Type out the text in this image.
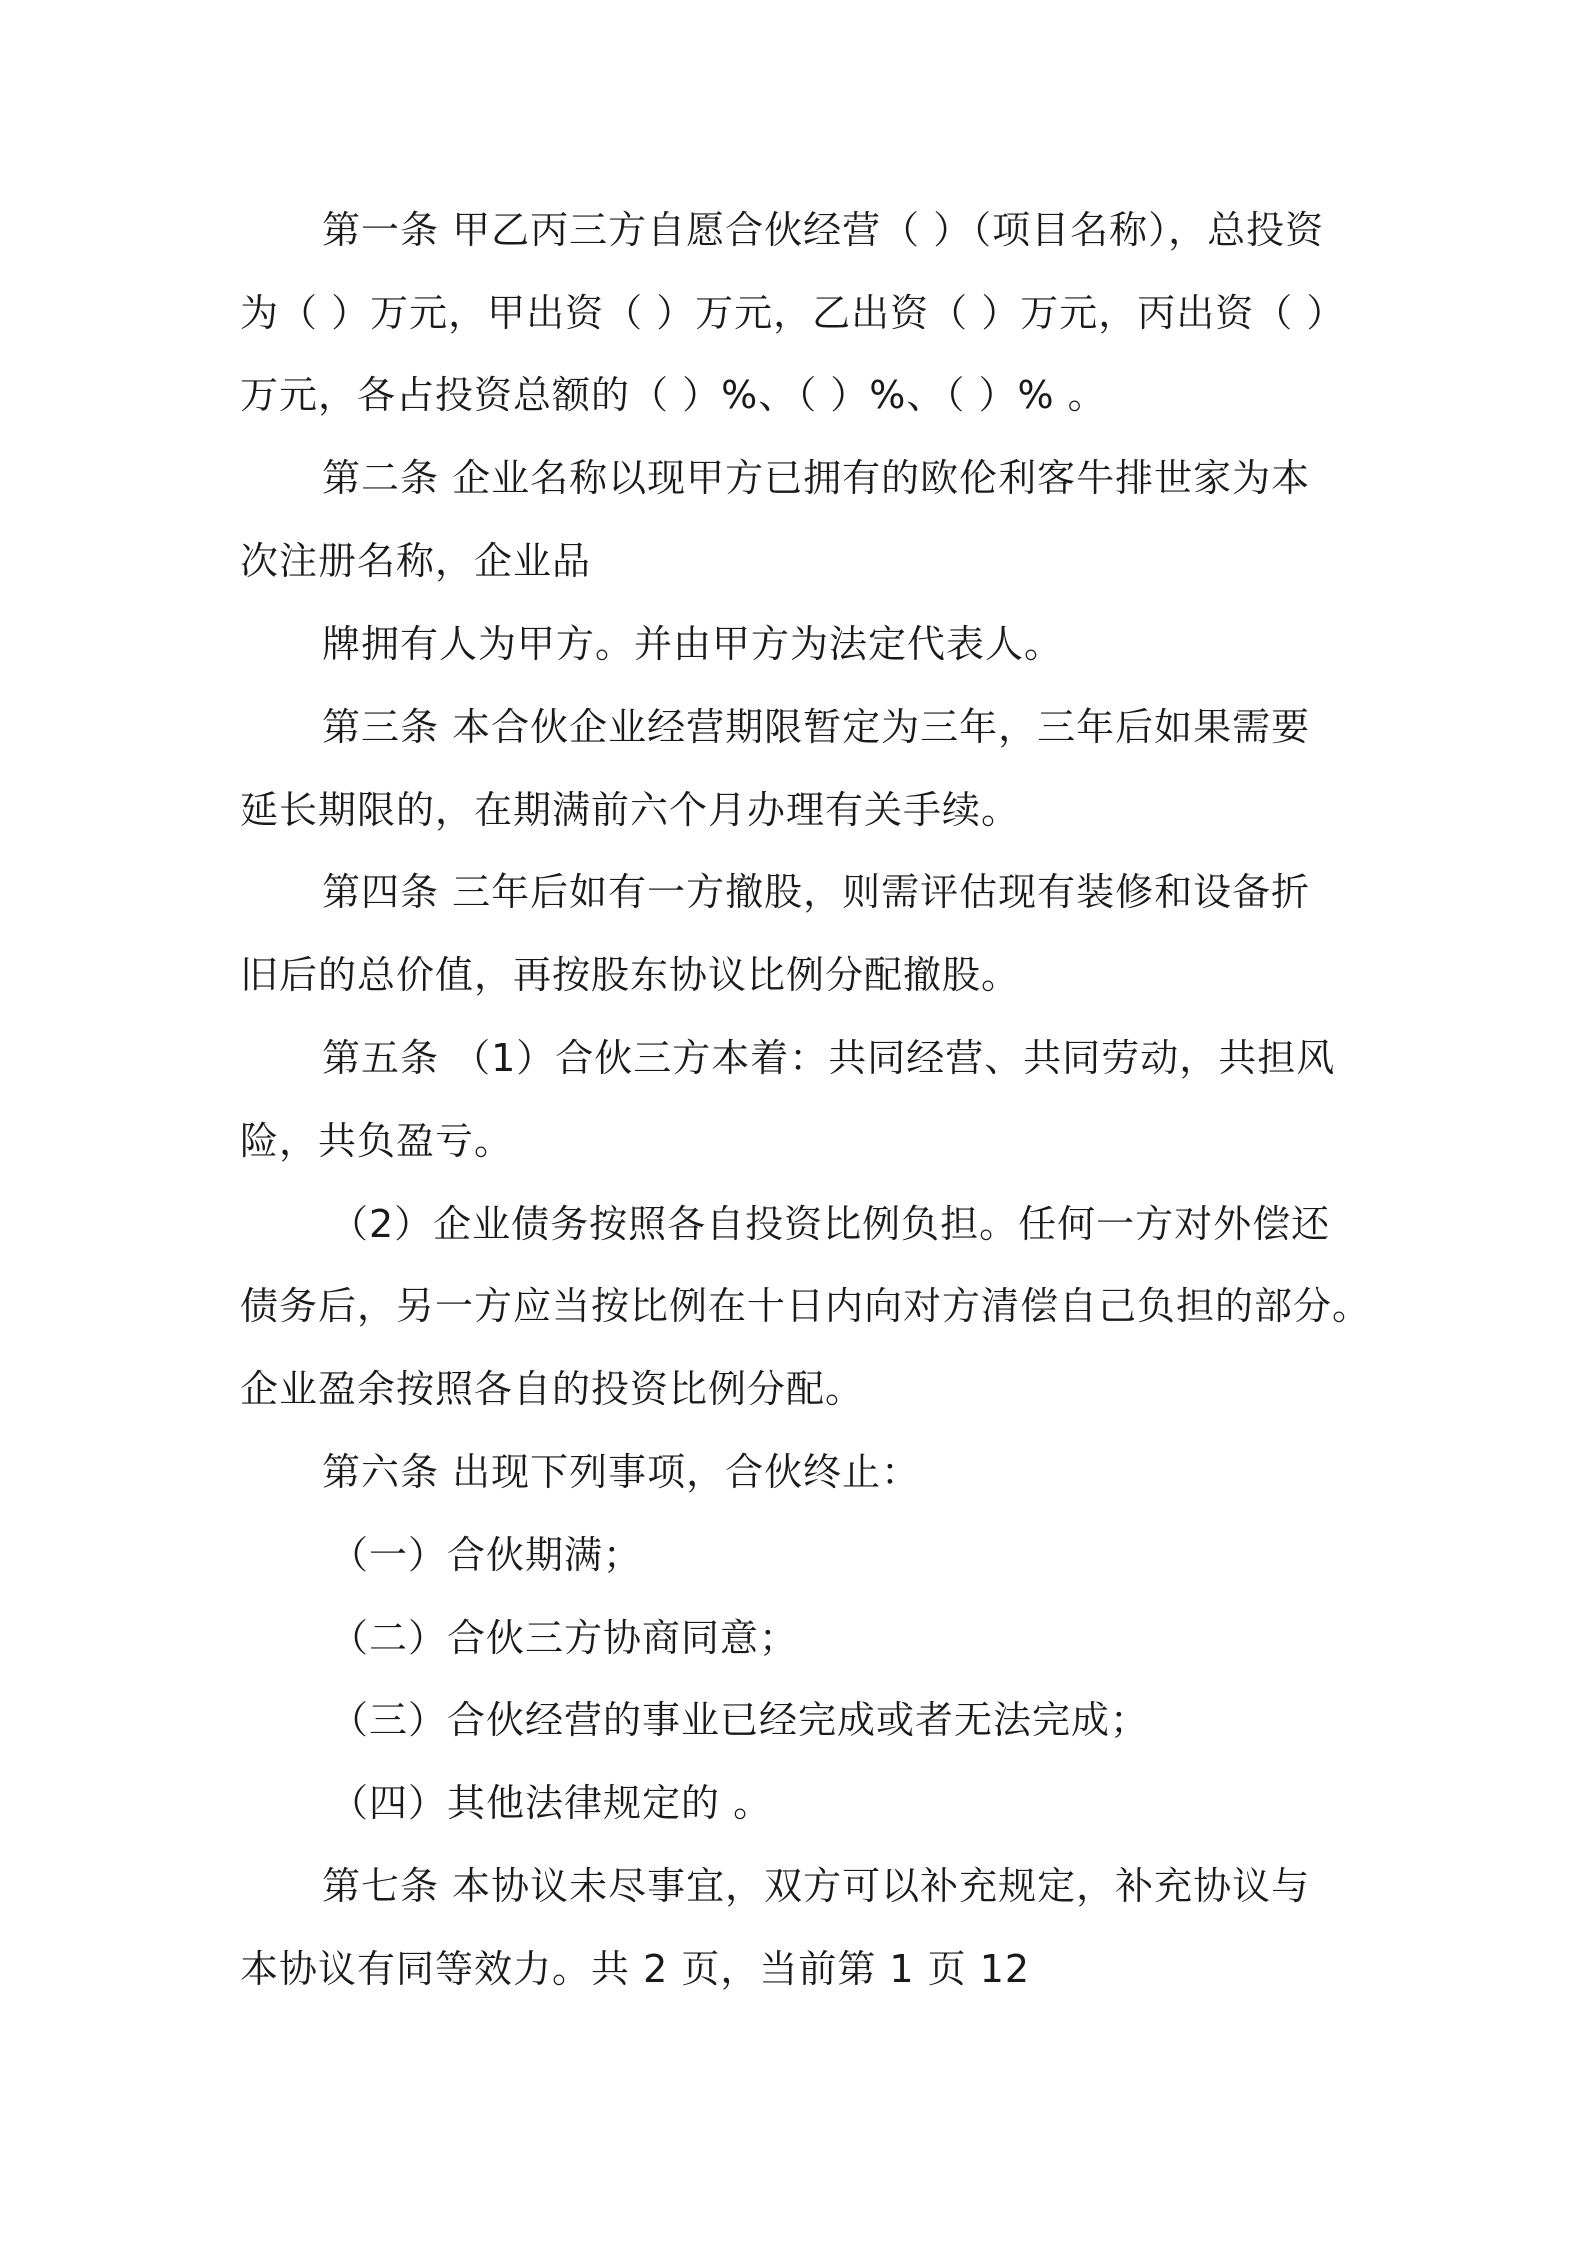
第一条 甲乙丙三方自愿合伙经营（ ）（项目名称），总投资
为（ ）万元，甲出资（ ）万元，乙出资（ ）万元，丙出资（ ）
万元，各占投资总额的（ ）%、（ ）%、（ ）% 。
第二条 企业名称以现甲方已拥有的欧伦利客牛排世家为本
次注册名称，企业品
牌拥有人为甲方。并由甲方为法定代表人。
第三条 本合伙企业经营期限暂定为三年，三年后如果需要
延长期限的，在期满前六个月办理有关手续。
第四条 三年后如有一方撤股，则需评估现有装修和设备折
旧后的总价值，再按股东协议比例分配撤股。
第五条 （1）合伙三方本着：共同经营、共同劳动，共担风
险，共负盈亏。
（2）企业债务按照各自投资比例负担。任何一方对外偿还
债务后，另一方应当按比例在十日内向对方清偿自己负担的部分。
企业盈余按照各自的投资比例分配。
第六条 出现下列事项，合伙终止：
（一）合伙期满；
（二）合伙三方协商同意；
（三）合伙经营的事业已经完成或者无法完成；
（四）其他法律规定的 。
第七条 本协议未尽事宜，双方可以补充规定，补充协议与
本协议有同等效力。共 2 页，当前第 1 页 12
